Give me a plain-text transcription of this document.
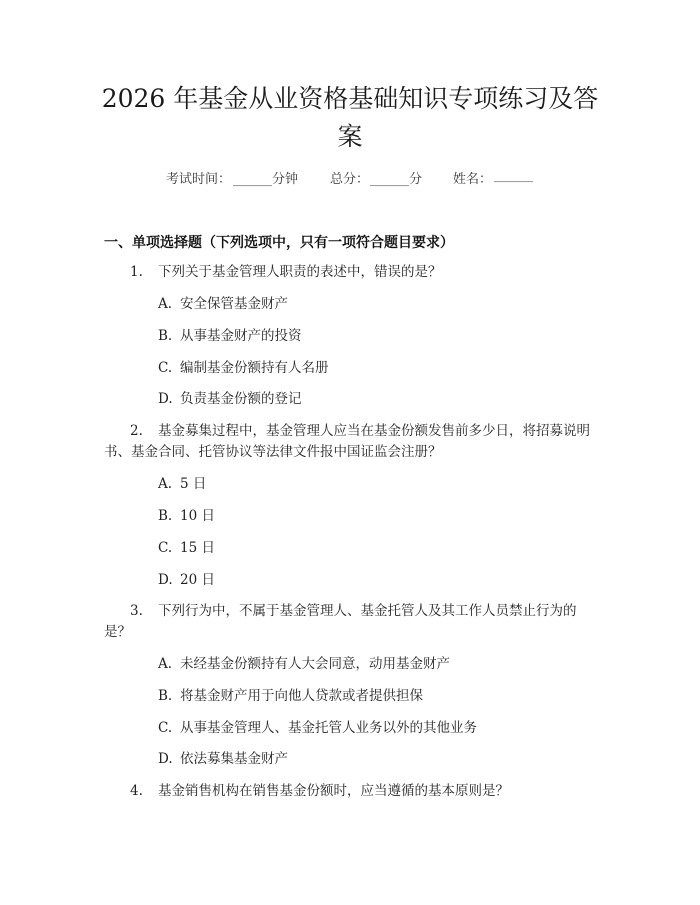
2026 年基金从业资格基础知识专项练习及答
案
考试时间： ______分钟 总分： ______分 姓名： ______
一、单项选择题（下列选项中，只有一项符合题目要求）
1. 下列关于基金管理人职责的表述中，错误的是？
A. 安全保管基金财产
B. 从事基金财产的投资
C. 编制基金份额持有人名册
D. 负责基金份额的登记
2. 基金募集过程中，基金管理人应当在基金份额发售前多少日，将招募说明
书、基金合同、托管协议等法律文件报中国证监会注册？
A. 5 日
B. 10 日
C. 15 日
D. 20 日
3. 下列行为中，不属于基金管理人、基金托管人及其工作人员禁止行为的
是？
A. 未经基金份额持有人大会同意，动用基金财产
B. 将基金财产用于向他人贷款或者提供担保
C. 从事基金管理人、基金托管人业务以外的其他业务
D. 依法募集基金财产
4. 基金销售机构在销售基金份额时，应当遵循的基本原则是？
